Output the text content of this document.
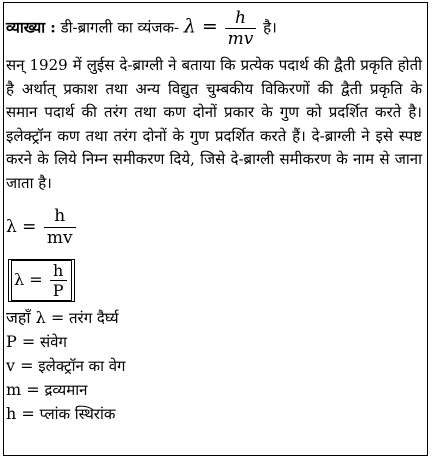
व्याख्या : डी-ब्रागली का व्यंजक- $\lambda = \frac{h}{mv}$ है।
सन् 1929 में लुईस दे-ब्राग्ली ने बताया कि प्रत्येक पदार्थ की द्वैती प्रकृति होती है अर्थात् प्रकाश तथा अन्य विद्युत चुम्बकीय विकिरणों की द्वैती प्रकृति के समान पदार्थ की तरंग तथा कण दोनों प्रकार के गुण को प्रदर्शित करते है। इलेक्ट्रॉन कण तथा तरंग दोनों के गुण प्रदर्शित करते हैं। दे-ब्राग्ली ने इसे स्पष्ट करने के लिये निम्न समीकरण दिये, जिसे दे-ब्राग्ली समीकरण के नाम से जाना जाता है।
$\lambda = \frac{h}{mv}$
$\lambda = \frac{h}{P}$
जहाँ λ = तरंग दैर्घ्य
P = संवेग
v = इलेक्ट्रॉन का वेग
m = द्रव्यमान
h = प्लांक स्थिरांक
